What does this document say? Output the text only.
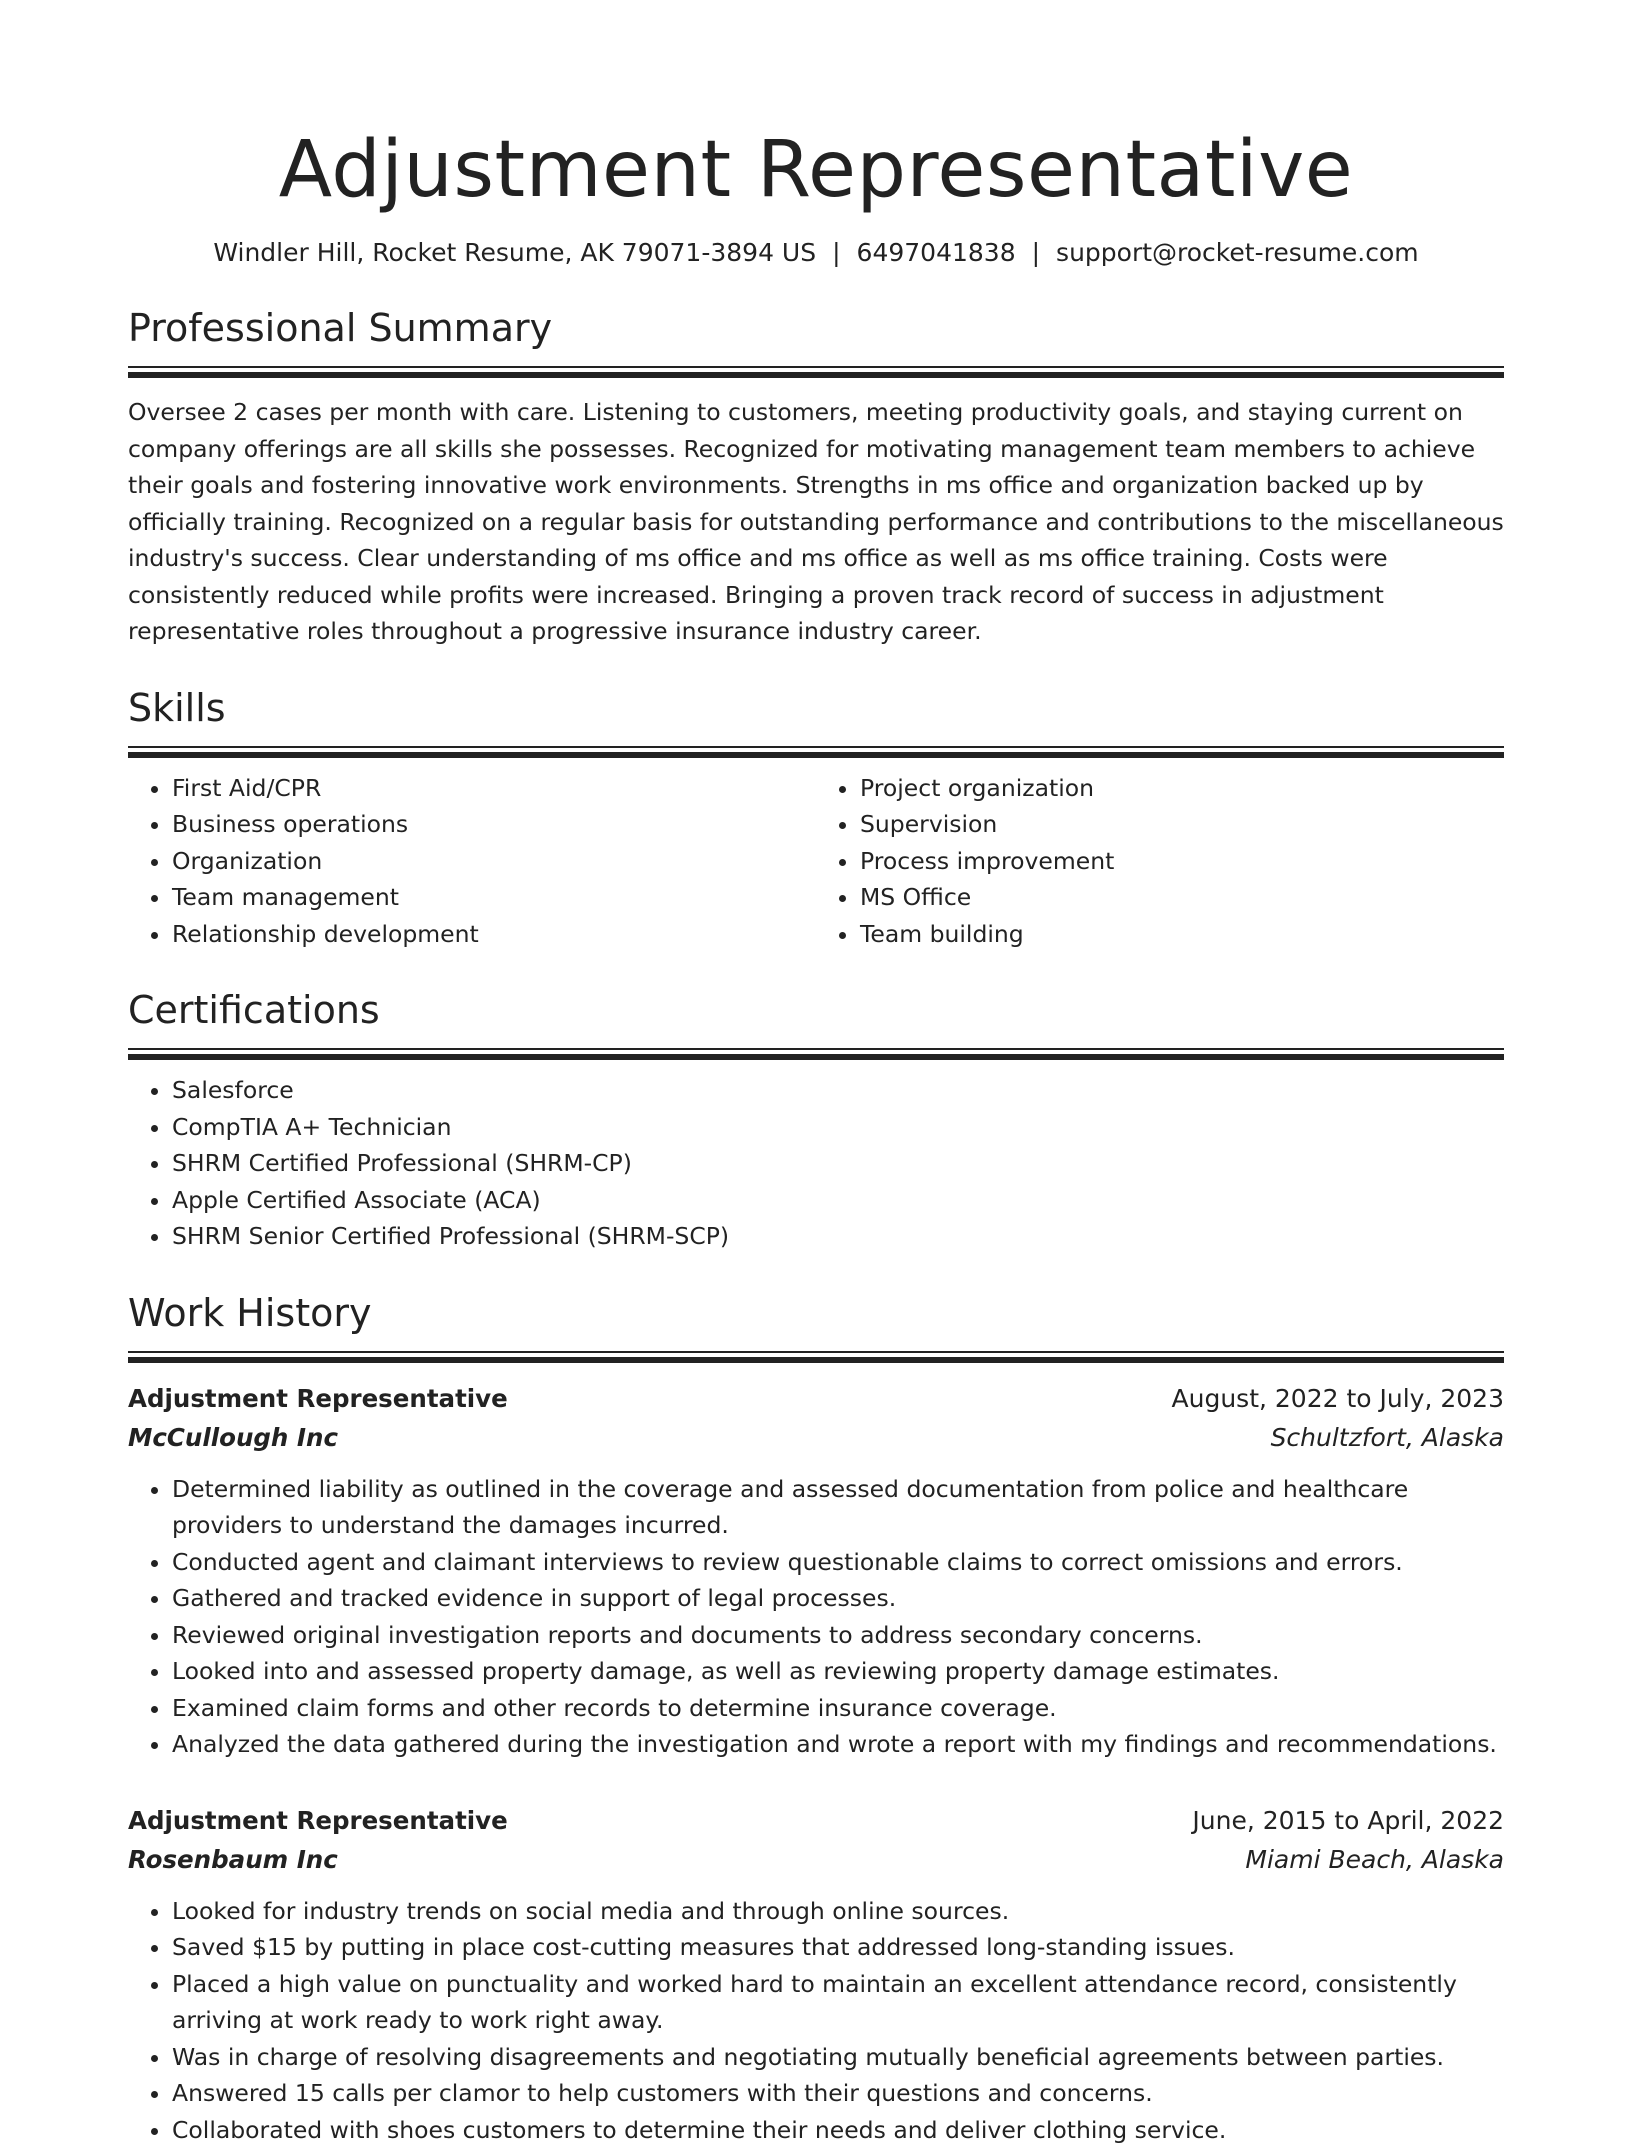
Adjustment Representative
Windler Hill, Rocket Resume, AK 79071-3894 US | 6497041838 | support@rocket-resume.com
Professional Summary

Oversee 2 cases per month with care. Listening to customers, meeting productivity goals, and staying current on company offerings are all skills she possesses. Recognized for motivating management team members to achieve their goals and fostering innovative work environments. Strengths in ms office and organization backed up by officially training. Recognized on a regular basis for outstanding performance and contributions to the miscellaneous industry's success. Clear understanding of ms office and ms office as well as ms office training. Costs were consistently reduced while profits were increased. Bringing a proven track record of success in adjustment representative roles throughout a progressive insurance industry career.

Skills
• First Aid/CPR
• Business operations
• Organization
• Team management
• Relationship development
• Project organization
• Supervision
• Process improvement
• MS Office
• Team building
Certifications
• Salesforce
• CompTIA A+ Technician
• SHRM Certified Professional (SHRM-CP)
• Apple Certified Associate (ACA)
• SHRM Senior Certified Professional (SHRM-SCP)
Work History
Adjustment Representative	August, 2022 to July, 2023
McCullough Inc	Schultzfort, Alaska
• Determined liability as outlined in the coverage and assessed documentation from police and healthcare providers to understand the damages incurred.
• Conducted agent and claimant interviews to review questionable claims to correct omissions and errors.
• Gathered and tracked evidence in support of legal processes.
• Reviewed original investigation reports and documents to address secondary concerns.
• Looked into and assessed property damage, as well as reviewing property damage estimates.
• Examined claim forms and other records to determine insurance coverage.
• Analyzed the data gathered during the investigation and wrote a report with my findings and recommendations.
Adjustment Representative	June, 2015 to April, 2022
Rosenbaum Inc	Miami Beach, Alaska
• Looked for industry trends on social media and through online sources.
• Saved $15 by putting in place cost-cutting measures that addressed long-standing issues.
• Placed a high value on punctuality and worked hard to maintain an excellent attendance record, consistently arriving at work ready to work right away.
• Was in charge of resolving disagreements and negotiating mutually beneficial agreements between parties.
• Answered 15 calls per clamor to help customers with their questions and concerns.
• Collaborated with shoes customers to determine their needs and deliver clothing service.
